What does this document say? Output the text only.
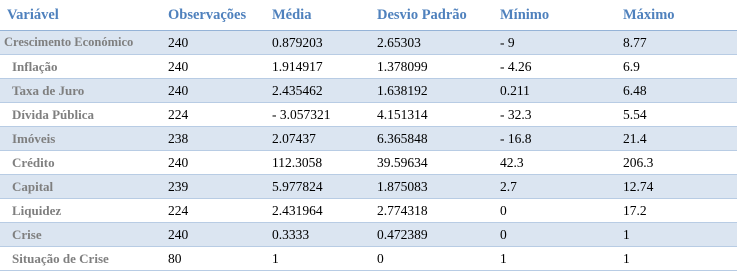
Variável	Observações	Média	Desvio Padrão	Mínimo	Máximo
Crescimento Económico	240	0.879203	2.65303	- 9	8.77
Inflação	240	1.914917	1.378099	- 4.26	6.9
Taxa de Juro	240	2.435462	1.638192	0.211	6.48
Dívida Pública	224	- 3.057321	4.151314	- 32.3	5.54
Imóveis	238	2.07437	6.365848	- 16.8	21.4
Crédito	240	112.3058	39.59634	42.3	206.3
Capital	239	5.977824	1.875083	2.7	12.74
Liquidez	224	2.431964	2.774318	0	17.2
Crise	240	0.3333	0.472389	0	1
Situação de Crise	80	1	0	1	1
